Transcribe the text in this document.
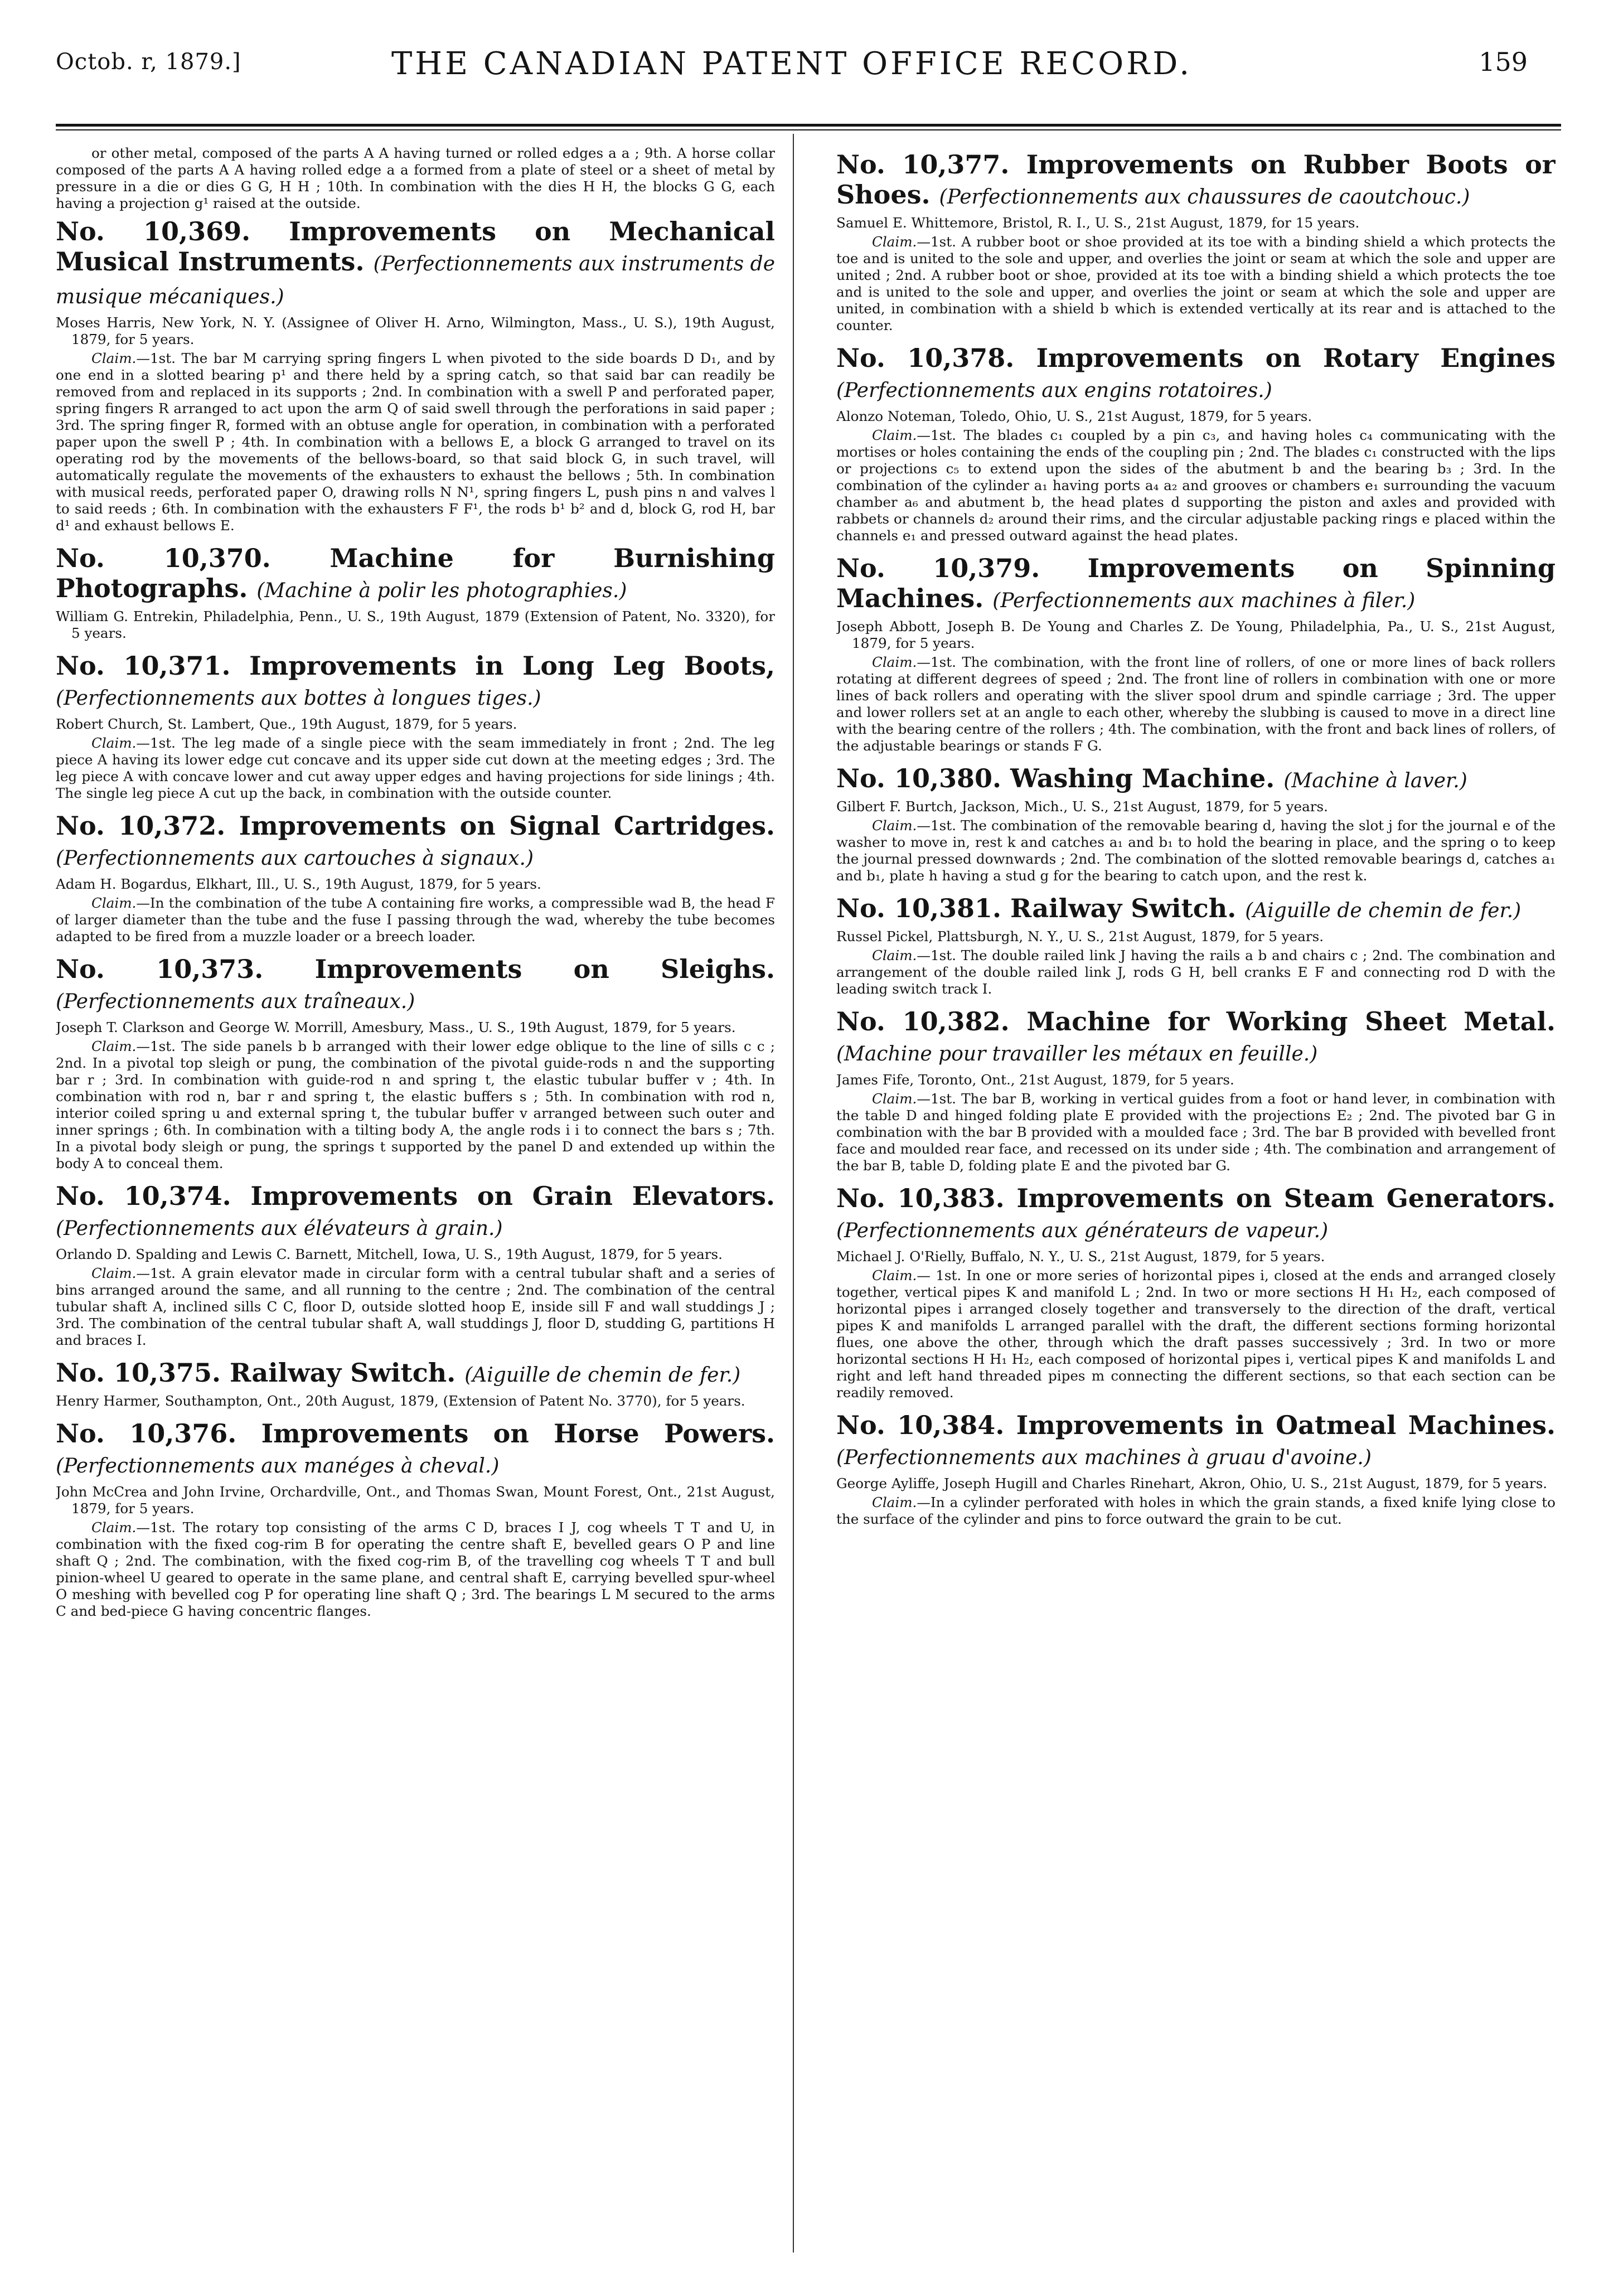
Octob. r, 1879.]	THE CANADIAN PATENT OFFICE RECORD.	159

or other metal, composed of the parts A A having turned or rolled edges a a ; 9th. A horse collar composed of the parts A A having rolled edge a a formed from a plate of steel or a sheet of metal by pressure in a die or dies G G, H H ; 10th. In combination with the dies H H, the blocks G G, each having a projection g¹ raised at the outside.

No. 10,369. Improvements on Mechanical Musical Instruments. (Perfectionnements aux instruments de musique mécaniques.)

Moses Harris, New York, N. Y. (Assignee of Oliver H. Arno, Wilmington, Mass., U. S.), 19th August, 1879, for 5 years.

Claim.—1st. The bar M carrying spring fingers L when pivoted to the side boards D D₁, and by one end in a slotted bearing p¹ and there held by a spring catch, so that said bar can readily be removed from and replaced in its supports ; 2nd. In combination with a swell P and perforated paper, spring fingers R arranged to act upon the arm Q of said swell through the perforations in said paper ; 3rd. The spring finger R, formed with an obtuse angle for operation, in combination with a perforated paper upon the swell P ; 4th. In combination with a bellows E, a block G arranged to travel on its operating rod by the movements of the bellows-board, so that said block G, in such travel, will automatically regulate the movements of the exhausters to exhaust the bellows ; 5th. In combination with musical reeds, perforated paper O, drawing rolls N N¹, spring fingers L, push pins n and valves l to said reeds ; 6th. In combination with the exhausters F F¹, the rods b¹ b² and d, block G, rod H, bar d¹ and exhaust bellows E.

No. 10,370. Machine for Burnishing Photographs. (Machine à polir les photographies.)

William G. Entrekin, Philadelphia, Penn., U. S., 19th August, 1879 (Extension of Patent, No. 3320), for 5 years.

No. 10,371. Improvements in Long Leg Boots, (Perfectionnements aux bottes à longues tiges.)

Robert Church, St. Lambert, Que., 19th August, 1879, for 5 years.

Claim.—1st. The leg made of a single piece with the seam immediately in front ; 2nd. The leg piece A having its lower edge cut concave and its upper side cut down at the meeting edges ; 3rd. The leg piece A with concave lower and cut away upper edges and having projections for side linings ; 4th. The single leg piece A cut up the back, in combination with the outside counter.

No. 10,372. Improvements on Signal Cartridges. (Perfectionnements aux cartouches à signaux.)

Adam H. Bogardus, Elkhart, Ill., U. S., 19th August, 1879, for 5 years.

Claim.—In the combination of the tube A containing fire works, a compressible wad B, the head F of larger diameter than the tube and the fuse I passing through the wad, whereby the tube becomes adapted to be fired from a muzzle loader or a breech loader.

No. 10,373. Improvements on Sleighs. (Perfectionnements aux traîneaux.)

Joseph T. Clarkson and George W. Morrill, Amesbury, Mass., U. S., 19th August, 1879, for 5 years.

Claim.—1st. The side panels b b arranged with their lower edge oblique to the line of sills c c ; 2nd. In a pivotal top sleigh or pung, the combination of the pivotal guide-rods n and the supporting bar r ; 3rd. In combination with guide-rod n and spring t, the elastic tubular buffer v ; 4th. In combination with rod n, bar r and spring t, the elastic buffers s ; 5th. In combination with rod n, interior coiled spring u and external spring t, the tubular buffer v arranged between such outer and inner springs ; 6th. In combination with a tilting body A, the angle rods i i to connect the bars s ; 7th. In a pivotal body sleigh or pung, the springs t supported by the panel D and extended up within the body A to conceal them.

No. 10,374. Improvements on Grain Elevators. (Perfectionnements aux élévateurs à grain.)

Orlando D. Spalding and Lewis C. Barnett, Mitchell, Iowa, U. S., 19th August, 1879, for 5 years.

Claim.—1st. A grain elevator made in circular form with a central tubular shaft and a series of bins arranged around the same, and all running to the centre ; 2nd. The combination of the central tubular shaft A, inclined sills C C, floor D, outside slotted hoop E, inside sill F and wall studdings J ; 3rd. The combination of the central tubular shaft A, wall studdings J, floor D, studding G, partitions H and braces I.

No. 10,375. Railway Switch. (Aiguille de chemin de fer.)

Henry Harmer, Southampton, Ont., 20th August, 1879, (Extension of Patent No. 3770), for 5 years.

No. 10,376. Improvements on Horse Powers. (Perfectionnements aux manéges à cheval.)

John McCrea and John Irvine, Orchardville, Ont., and Thomas Swan, Mount Forest, Ont., 21st August, 1879, for 5 years.

Claim.—1st. The rotary top consisting of the arms C D, braces I J, cog wheels T T and U, in combination with the fixed cog-rim B for operating the centre shaft E, bevelled gears O P and line shaft Q ; 2nd. The combination, with the fixed cog-rim B, of the travelling cog wheels T T and bull pinion-wheel U geared to operate in the same plane, and central shaft E, carrying bevelled spur-wheel O meshing with bevelled cog P for operating line shaft Q ; 3rd. The bearings L M secured to the arms C and bed-piece G having concentric flanges.

No. 10,377. Improvements on Rubber Boots or Shoes. (Perfectionnements aux chaussures de caoutchouc.)

Samuel E. Whittemore, Bristol, R. I., U. S., 21st August, 1879, for 15 years.

Claim.—1st. A rubber boot or shoe provided at its toe with a binding shield a which protects the toe and is united to the sole and upper, and overlies the joint or seam at which the sole and upper are united ; 2nd. A rubber boot or shoe, provided at its toe with a binding shield a which protects the toe and is united to the sole and upper, and overlies the joint or seam at which the sole and upper are united, in combination with a shield b which is extended vertically at its rear and is attached to the counter.

No. 10,378. Improvements on Rotary Engines (Perfectionnements aux engins rotatoires.)

Alonzo Noteman, Toledo, Ohio, U. S., 21st August, 1879, for 5 years.

Claim.—1st. The blades c₁ coupled by a pin c₃, and having holes c₄ communicating with the mortises or holes containing the ends of the coupling pin ; 2nd. The blades c₁ constructed with the lips or projections c₅ to extend upon the sides of the abutment b and the bearing b₃ ; 3rd. In the combination of the cylinder a₁ having ports a₄ a₂ and grooves or chambers e₁ surrounding the vacuum chamber a₆ and abutment b, the head plates d supporting the piston and axles and provided with rabbets or channels d₂ around their rims, and the circular adjustable packing rings e placed within the channels e₁ and pressed outward against the head plates.

No. 10,379. Improvements on Spinning Machines. (Perfectionnements aux machines à filer.)

Joseph Abbott, Joseph B. De Young and Charles Z. De Young, Philadelphia, Pa., U. S., 21st August, 1879, for 5 years.

Claim.—1st. The combination, with the front line of rollers, of one or more lines of back rollers rotating at different degrees of speed ; 2nd. The front line of rollers in combination with one or more lines of back rollers and operating with the sliver spool drum and spindle carriage ; 3rd. The upper and lower rollers set at an angle to each other, whereby the slubbing is caused to move in a direct line with the bearing centre of the rollers ; 4th. The combination, with the front and back lines of rollers, of the adjustable bearings or stands F G.

No. 10,380. Washing Machine. (Machine à laver.)

Gilbert F. Burtch, Jackson, Mich., U. S., 21st August, 1879, for 5 years.

Claim.—1st. The combination of the removable bearing d, having the slot j for the journal e of the washer to move in, rest k and catches a₁ and b₁ to hold the bearing in place, and the spring o to keep the journal pressed downwards ; 2nd. The combination of the slotted removable bearings d, catches a₁ and b₁, plate h having a stud g for the bearing to catch upon, and the rest k.

No. 10,381. Railway Switch. (Aiguille de chemin de fer.)

Russel Pickel, Plattsburgh, N. Y., U. S., 21st August, 1879, for 5 years.

Claim.—1st. The double railed link J having the rails a b and chairs c ; 2nd. The combination and arrangement of the double railed link J, rods G H, bell cranks E F and connecting rod D with the leading switch track I.

No. 10,382. Machine for Working Sheet Metal. (Machine pour travailler les métaux en feuille.)

James Fife, Toronto, Ont., 21st August, 1879, for 5 years.

Claim.—1st. The bar B, working in vertical guides from a foot or hand lever, in combination with the table D and hinged folding plate E provided with the projections E₂ ; 2nd. The pivoted bar G in combination with the bar B provided with a moulded face ; 3rd. The bar B provided with bevelled front face and moulded rear face, and recessed on its under side ; 4th. The combination and arrangement of the bar B, table D, folding plate E and the pivoted bar G.

No. 10,383. Improvements on Steam Generators. (Perfectionnements aux générateurs de vapeur.)

Michael J. O'Rielly, Buffalo, N. Y., U. S., 21st August, 1879, for 5 years.

Claim.— 1st. In one or more series of horizontal pipes i, closed at the ends and arranged closely together, vertical pipes K and manifold L ; 2nd. In two or more sections H H₁ H₂, each composed of horizontal pipes i arranged closely together and transversely to the direction of the draft, vertical pipes K and manifolds L arranged parallel with the draft, the different sections forming horizontal flues, one above the other, through which the draft passes successively ; 3rd. In two or more horizontal sections H H₁ H₂, each composed of horizontal pipes i, vertical pipes K and manifolds L and right and left hand threaded pipes m connecting the different sections, so that each section can be readily removed.

No. 10,384. Improvements in Oatmeal Machines. (Perfectionnements aux machines à gruau d'avoine.)

George Ayliffe, Joseph Hugill and Charles Rinehart, Akron, Ohio, U. S., 21st August, 1879, for 5 years.

Claim.—In a cylinder perforated with holes in which the grain stands, a fixed knife lying close to the surface of the cylinder and pins to force outward the grain to be cut.
